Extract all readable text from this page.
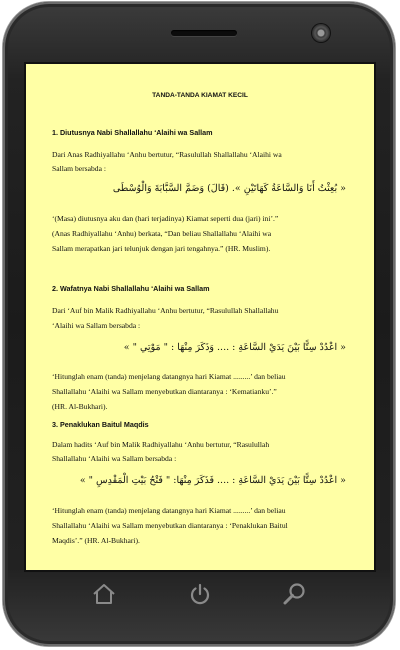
TANDA-TANDA KIAMAT KECIL
1. Diutusnya Nabi Shallallahu ‘Alaihi wa Sallam
Dari Anas Radhiyallahu ‘Anhu bertutur, “Rasulullah Shallallahu ‘Alaihi wa
Sallam bersabda :
« بُعِثْتُ أَنَا وَالسَّاعَةُ كَهَاتَيْنِ ». (قَالَ) وَضَمَّ السَّبَّابَةَ وَالْوُسْطَى
‘(Masa) diutusnya aku dan (hari terjadinya) Kiamat seperti dua (jari) ini’.”
(Anas Radhiyallahu ‘Anhu) berkata, “Dan beliau Shallallahu ‘Alaihi wa
Sallam merapatkan jari telunjuk dengan jari tengahnya.” (HR. Muslim).
2. Wafatnya Nabi Shallallahu ‘Alaihi wa Sallam
Dari ‘Auf bin Malik Radhiyallahu ‘Anhu bertutur, “Rasulullah Shallallahu
‘Alaihi wa Sallam bersabda :
« اعْدُدْ سِتًّا بَيْنَ يَدَيْ السَّاعَةِ : .... وَذَكَرَ مِنْهَا : " مَوْتِي " »
‘Hitunglah enam (tanda) menjelang datangnya hari Kiamat .........’ dan beliau
Shallallahu ‘Alaihi wa Sallam menyebutkan diantaranya : ‘Kematianku’.”
(HR. Al-Bukhari).
3. Penaklukan Baitul Maqdis
Dalam hadits ‘Auf bin Malik Radhiyallahu ‘Anhu bertutur, “Rasulullah
Shallallahu ‘Alaihi wa Sallam bersabda :
« اعْدُدْ سِتًّا بَيْنَ يَدَيْ السَّاعَةِ : .... فَذَكَرَ مِنْهَا: " فَتْحُ بَيْتِ الْمَقْدِسِ " »
‘Hitunglah enam (tanda) menjelang datangnya hari Kiamat .........’ dan beliau
Shallallahu ‘Alaihi wa Sallam menyebutkan diantaranya : ‘Penaklukan Baitul
Maqdis’.” (HR. Al-Bukhari).
